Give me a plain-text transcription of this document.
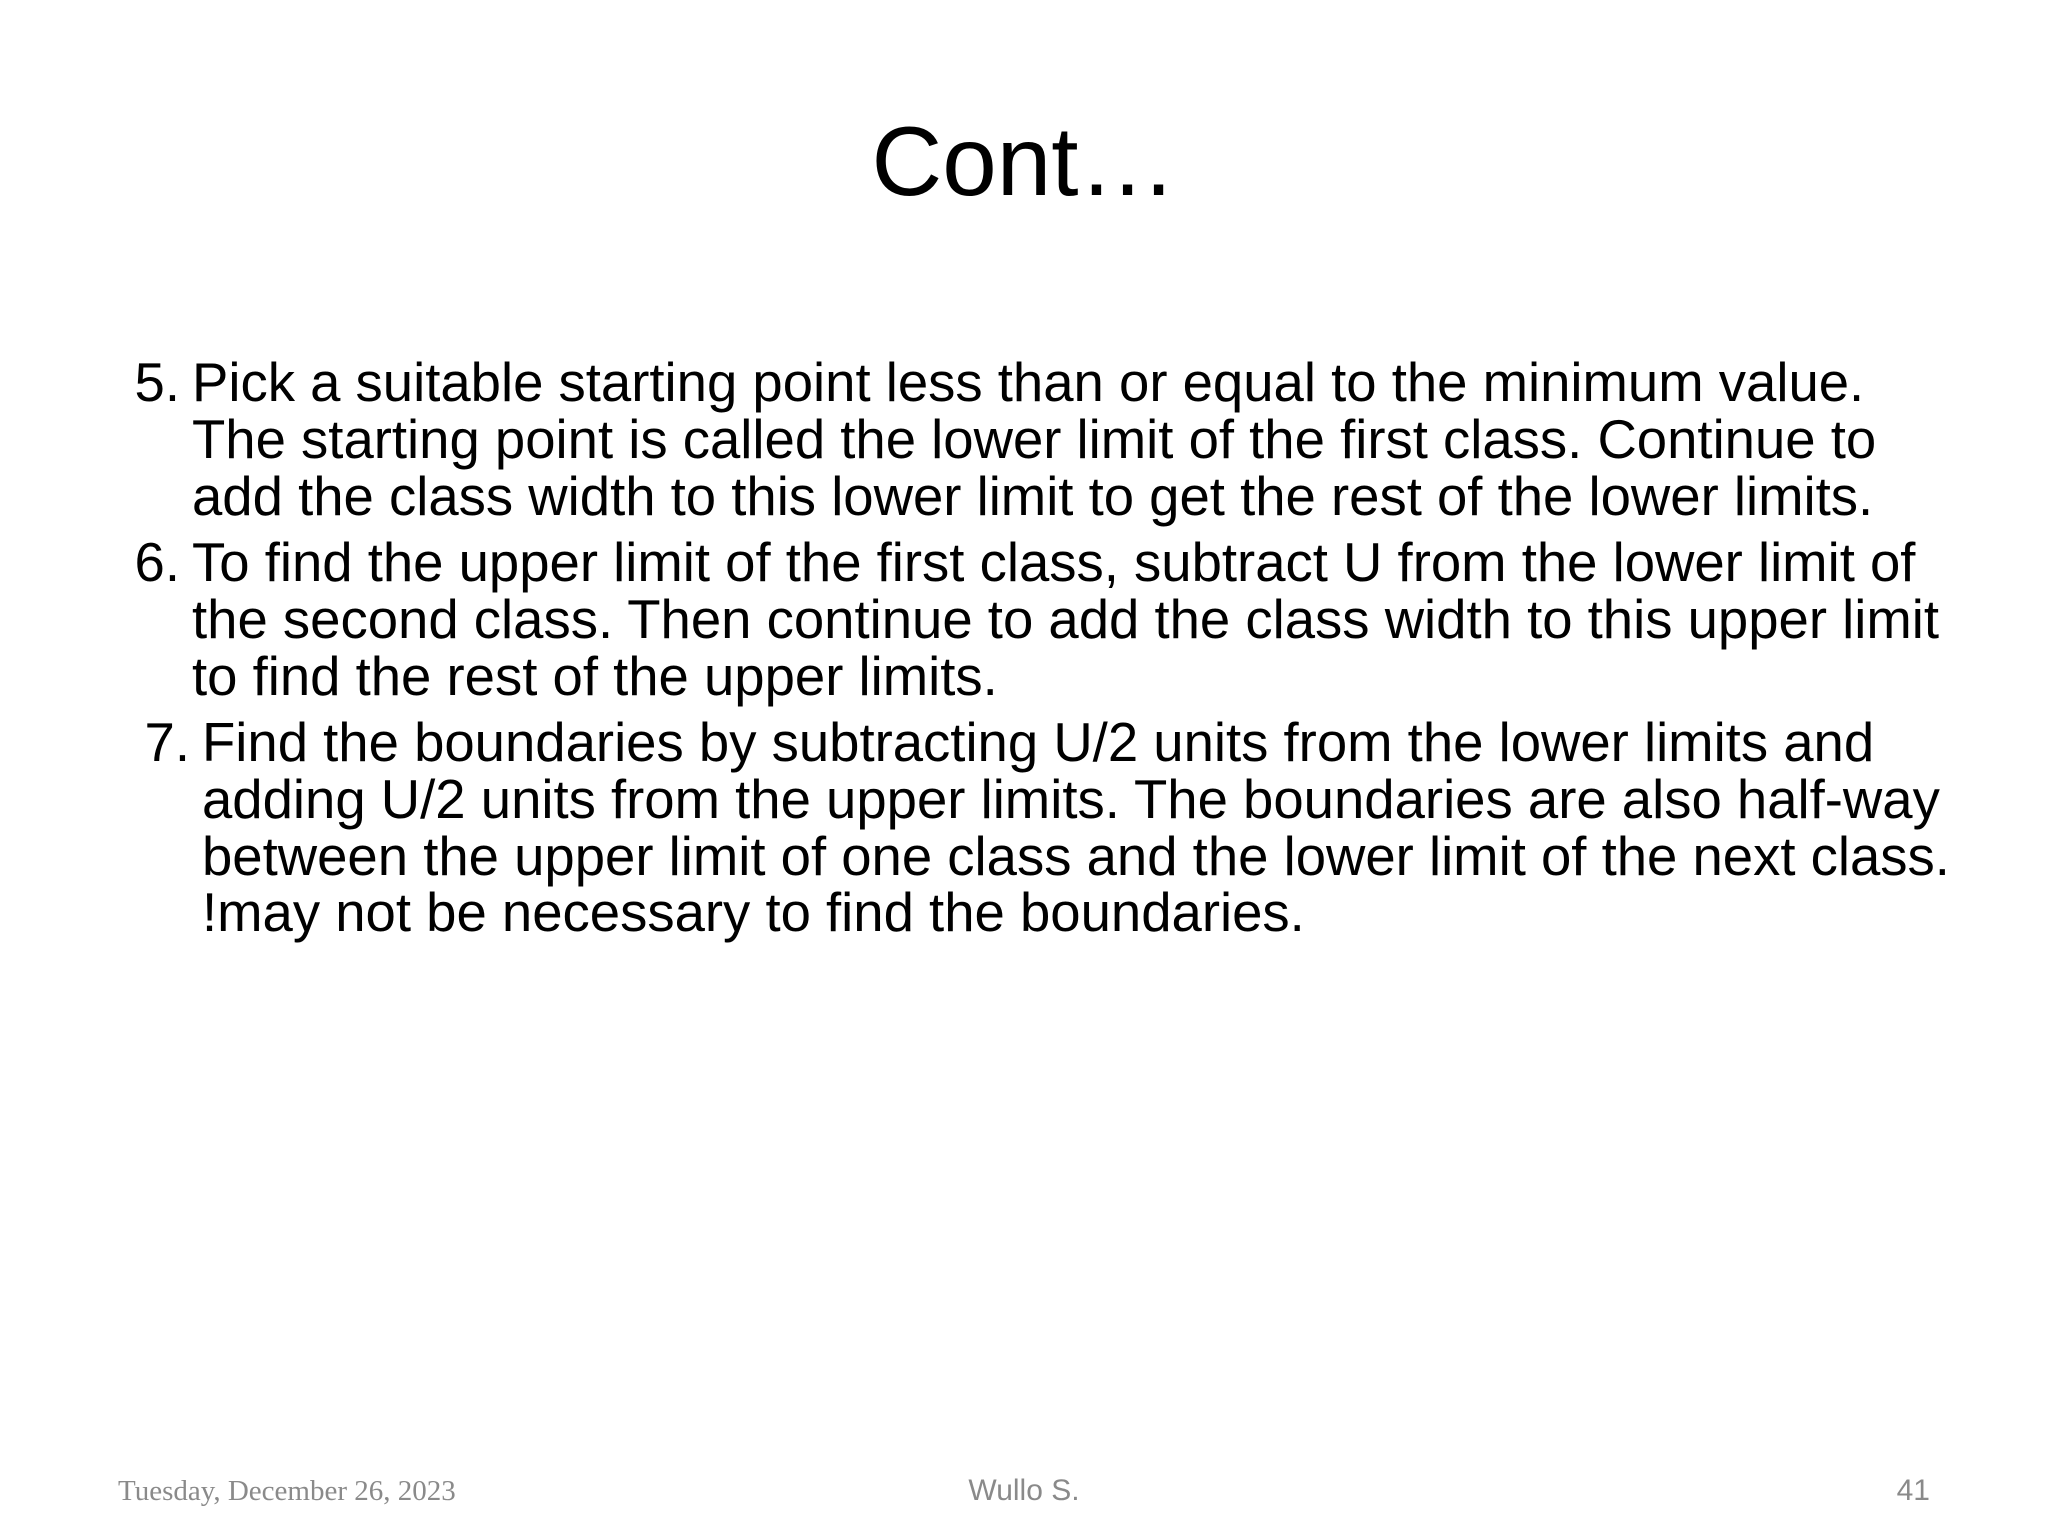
Cont…
5. Pick a suitable starting point less than or equal to the minimum value. The starting point is called the lower limit of the first class. Continue to add the class width to this lower limit to get the rest of the lower limits.
6. To find the upper limit of the first class, subtract U from the lower limit of the second class. Then continue to add the class width to this upper limit to find the rest of the upper limits.
7. Find the boundaries by subtracting U/2 units from the lower limits and adding U/2 units from the upper limits. The boundaries are also half-way between the upper limit of one class and the lower limit of the next class. !may not be necessary to find the boundaries.
Tuesday, December 26, 2023	Wullo S.	41
